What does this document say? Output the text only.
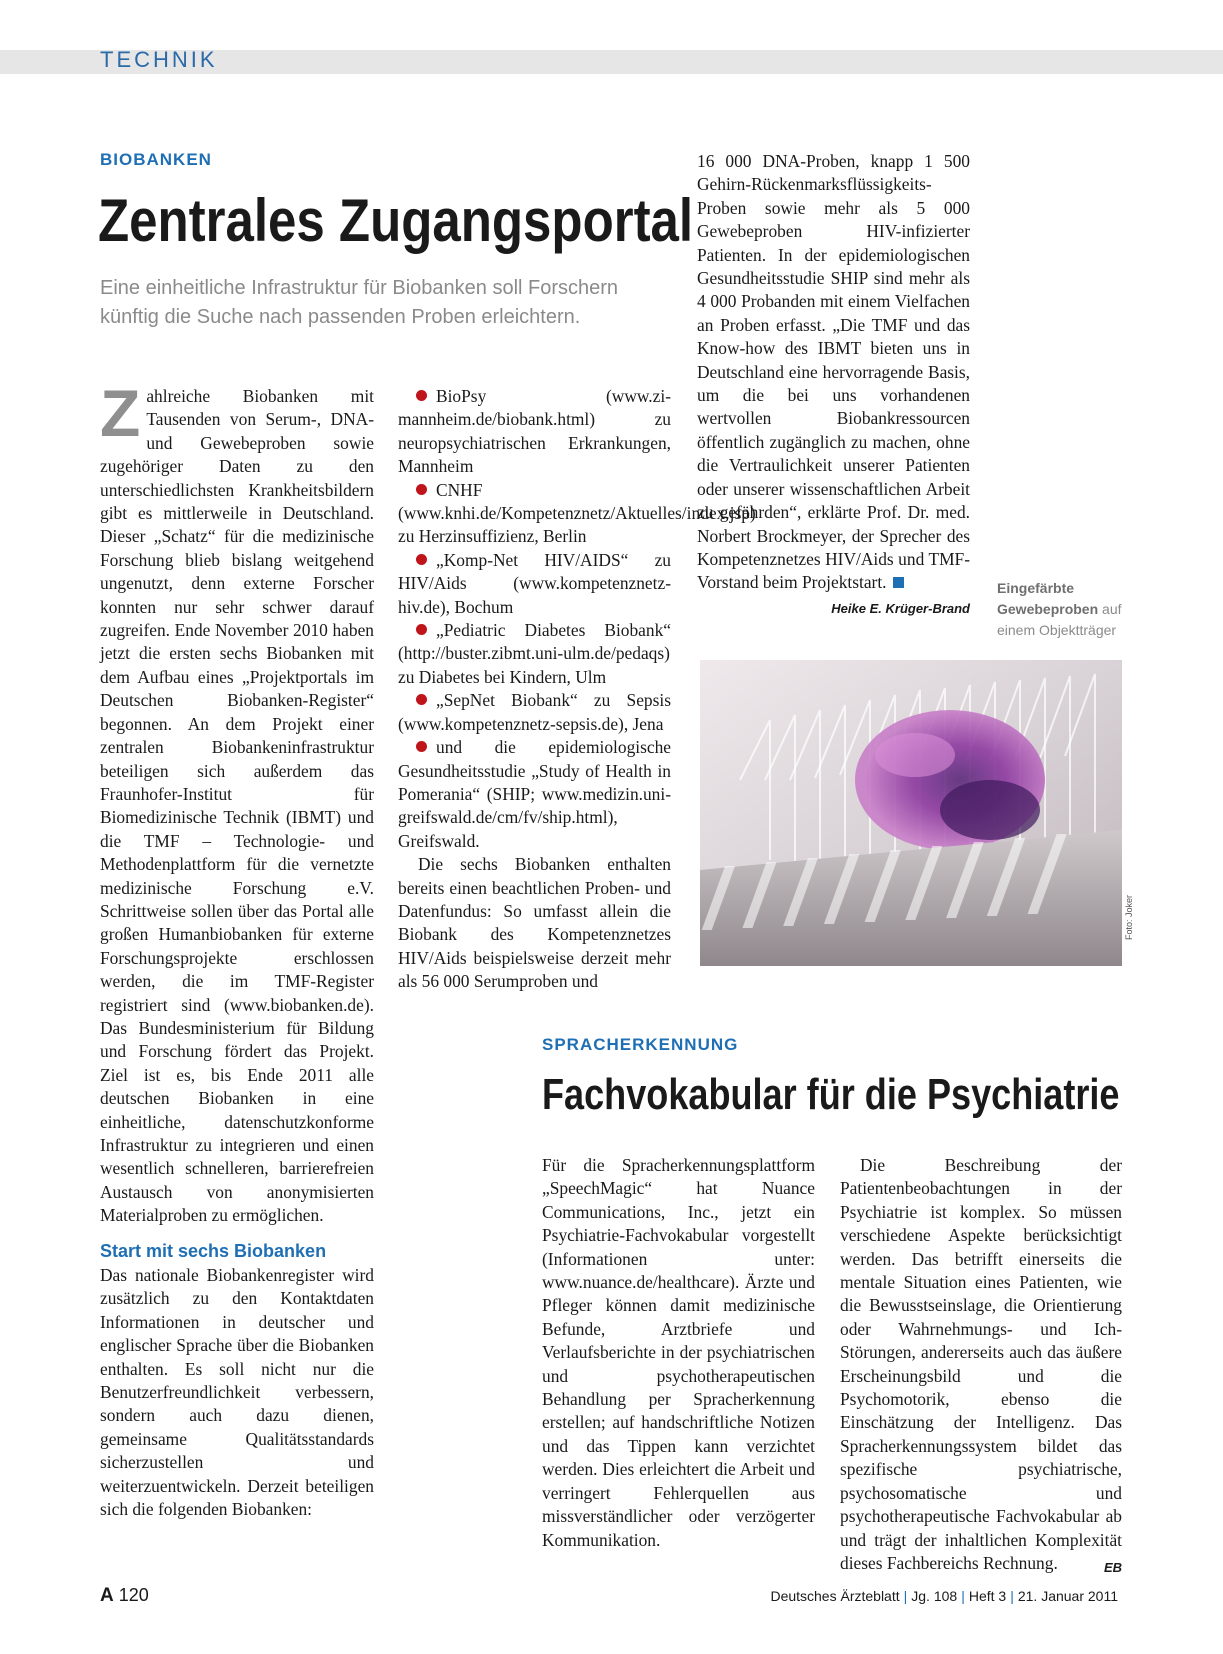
TECHNIK
BIOBANKEN
Zentrales Zugangsportal
Eine einheitliche Infrastruktur für Biobanken soll Forschern künftig die Suche nach passenden Proben erleichtern.

Zahlreiche Biobanken mit Tausenden von Serum-, DNA- und Gewebeproben sowie zugehöriger Daten zu den unterschiedlichsten Krankheitsbildern gibt es mittlerweile in Deutschland. Dieser „Schatz“ für die medizinische Forschung blieb bislang weitgehend ungenutzt, denn externe Forscher konnten nur sehr schwer darauf zugreifen. Ende November 2010 haben jetzt die ersten sechs Biobanken mit dem Aufbau eines „Projektportals im Deutschen Biobanken-Register“ begonnen. An dem Projekt einer zentralen Biobankeninfrastruktur beteiligen sich außerdem das Fraunhofer-Institut für Biomedizinische Technik (IBMT) und die TMF – Technologie- und Methodenplattform für die vernetzte medizinische Forschung e.V. Schrittweise sollen über das Portal alle großen Humanbiobanken für externe Forschungsprojekte erschlossen werden, die im TMF-Register registriert sind (www.biobanken.de). Das Bundesministerium für Bildung und Forschung fördert das Projekt. Ziel ist es, bis Ende 2011 alle deutschen Biobanken in eine einheitliche, datenschutzkonforme Infrastruktur zu integrieren und einen wesentlich schnelleren, barrierefreien Austausch von anonymisierten Materialproben zu ermöglichen.

Start mit sechs Biobanken

Das nationale Biobankenregister wird zusätzlich zu den Kontaktdaten Informationen in deutscher und englischer Sprache über die Biobanken enthalten. Es soll nicht nur die Benutzerfreundlichkeit verbessern, sondern auch dazu dienen, gemeinsame Qualitätsstandards sicherzustellen und weiterzuentwickeln. Derzeit beteiligen sich die folgenden Biobanken:

BioPsy (www.zi-mannheim.de/biobank.html) zu neuropsychiatrischen Erkrankungen, Mannheim

CNHF (www.knhi.de/Kompetenznetz/Aktuelles/index.jsp) zu Herzinsuffizienz, Berlin

„Komp-Net HIV/AIDS“ zu HIV/Aids (www.kompetenznetz-hiv.de), Bochum

„Pediatric Diabetes Biobank“ (http://buster.zibmt.uni-ulm.de/pedaqs) zu Diabetes bei Kindern, Ulm

„SepNet Biobank“ zu Sepsis (www.kompetenznetz-sepsis.de), Jena

und die epidemiologische Gesundheitsstudie „Study of Health in Pomerania“ (SHIP; www.medizin.uni-greifswald.de/cm/fv/ship.html), Greifswald.

Die sechs Biobanken enthalten bereits einen beachtlichen Proben- und Datenfundus: So umfasst allein die Biobank des Kompetenznetzes HIV/Aids beispielsweise derzeit mehr als 56 000 Serumproben und

16 000 DNA-Proben, knapp 1 500 Gehirn-Rückenmarksflüssigkeits-Proben sowie mehr als 5 000 Gewebeproben HIV-infizierter Patienten. In der epidemiologischen Gesundheitsstudie SHIP sind mehr als 4 000 Probanden mit einem Vielfachen an Proben erfasst. „Die TMF und das Know-how des IBMT bieten uns in Deutschland eine hervorragende Basis, um die bei uns vorhandenen wertvollen Biobankressourcen öffentlich zugänglich zu machen, ohne die Vertraulichkeit unserer Patienten oder unserer wissenschaftlichen Arbeit zu gefährden“, erklärte Prof. Dr. med. Norbert Brockmeyer, der Sprecher des Kompetenznetzes HIV/Aids und TMF-Vorstand beim Projektstart.

Heike E. Krüger-Brand
Eingefärbte Gewebeproben auf einem Objektträger
Foto: Joker
SPRACHERKENNUNG
Fachvokabular für die Psychiatrie

Für die Spracherkennungsplattform „SpeechMagic“ hat Nuance Communications, Inc., jetzt ein Psychiatrie-Fachvokabular vorgestellt (Informationen unter: www.nuance.de/healthcare). Ärzte und Pfleger können damit medizinische Befunde, Arztbriefe und Verlaufsberichte in der psychiatrischen und psychotherapeutischen Behandlung per Spracherkennung erstellen; auf handschriftliche Notizen und das Tippen kann verzichtet werden. Dies erleichtert die Arbeit und verringert Fehlerquellen aus missverständlicher oder verzögerter Kommunikation.

Die Beschreibung der Patientenbeobachtungen in der Psychiatrie ist komplex. So müssen verschiedene Aspekte berücksichtigt werden. Das betrifft einerseits die mentale Situation eines Patienten, wie die Bewusstseinslage, die Orientierung oder Wahrnehmungs- und Ich-Störungen, andererseits auch das äußere Erscheinungsbild und die Psychomotorik, ebenso die Einschätzung der Intelligenz. Das Spracherkennungssystem bildet das spezifische psychiatrische, psychosomatische und psychotherapeutische Fachvokabular ab und trägt der inhaltlichen Komplexität dieses Fachbereichs Rechnung.	EB

A 120	Deutsches Ärzteblatt | Jg. 108 | Heft 3 | 21. Januar 2011
